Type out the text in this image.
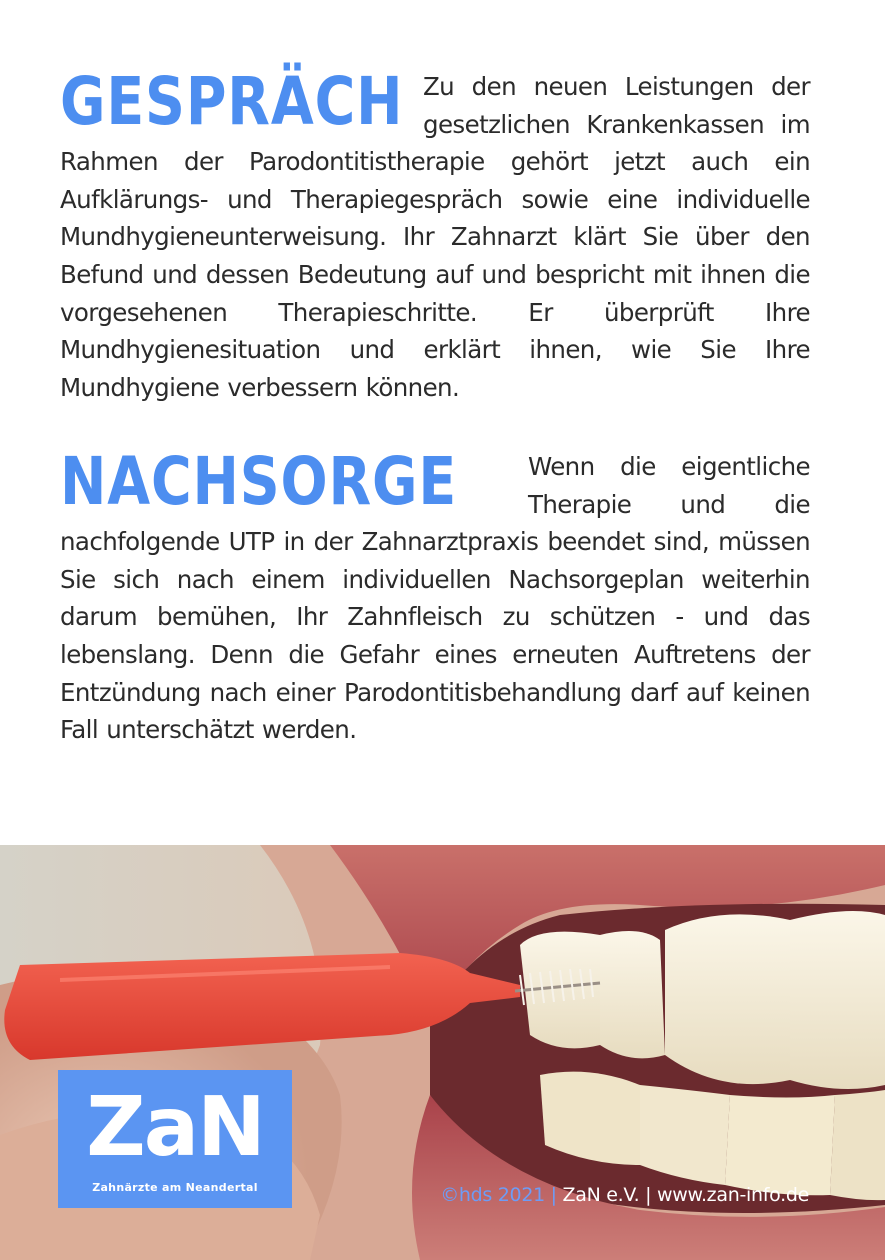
GESPRÄCH Zu den neuen Leistungen der gesetzlichen Krankenkassen im Rahmen der Parodontitistherapie gehört jetzt auch ein Aufklärungs- und Therapiegespräch sowie eine individuelle Mundhygieneunterweisung. Ihr Zahnarzt klärt Sie über den Befund und dessen Bedeutung auf und bespricht mit ihnen die vorgesehenen Therapieschritte. Er überprüft Ihre Mundhygienesituation und erklärt ihnen, wie Sie Ihre Mundhygiene verbessern können.

NACHSORGE	Wenn die eigentliche Therapie und die nachfolgende UTP in der Zahnarztpraxis beendet sind, müssen Sie sich nach einem individuellen Nachsorgeplan weiterhin darum bemühen, Ihr Zahnfleisch zu schützen - und das lebenslang. Denn die Gefahr eines erneuten Auftretens der Entzündung nach einer Parodontitisbehandlung darf auf keinen Fall unterschätzt werden.

ZaN
Zahnärzte am Neandertal	©hds 2021 | ZaN e.V. | www.zan-info.de
